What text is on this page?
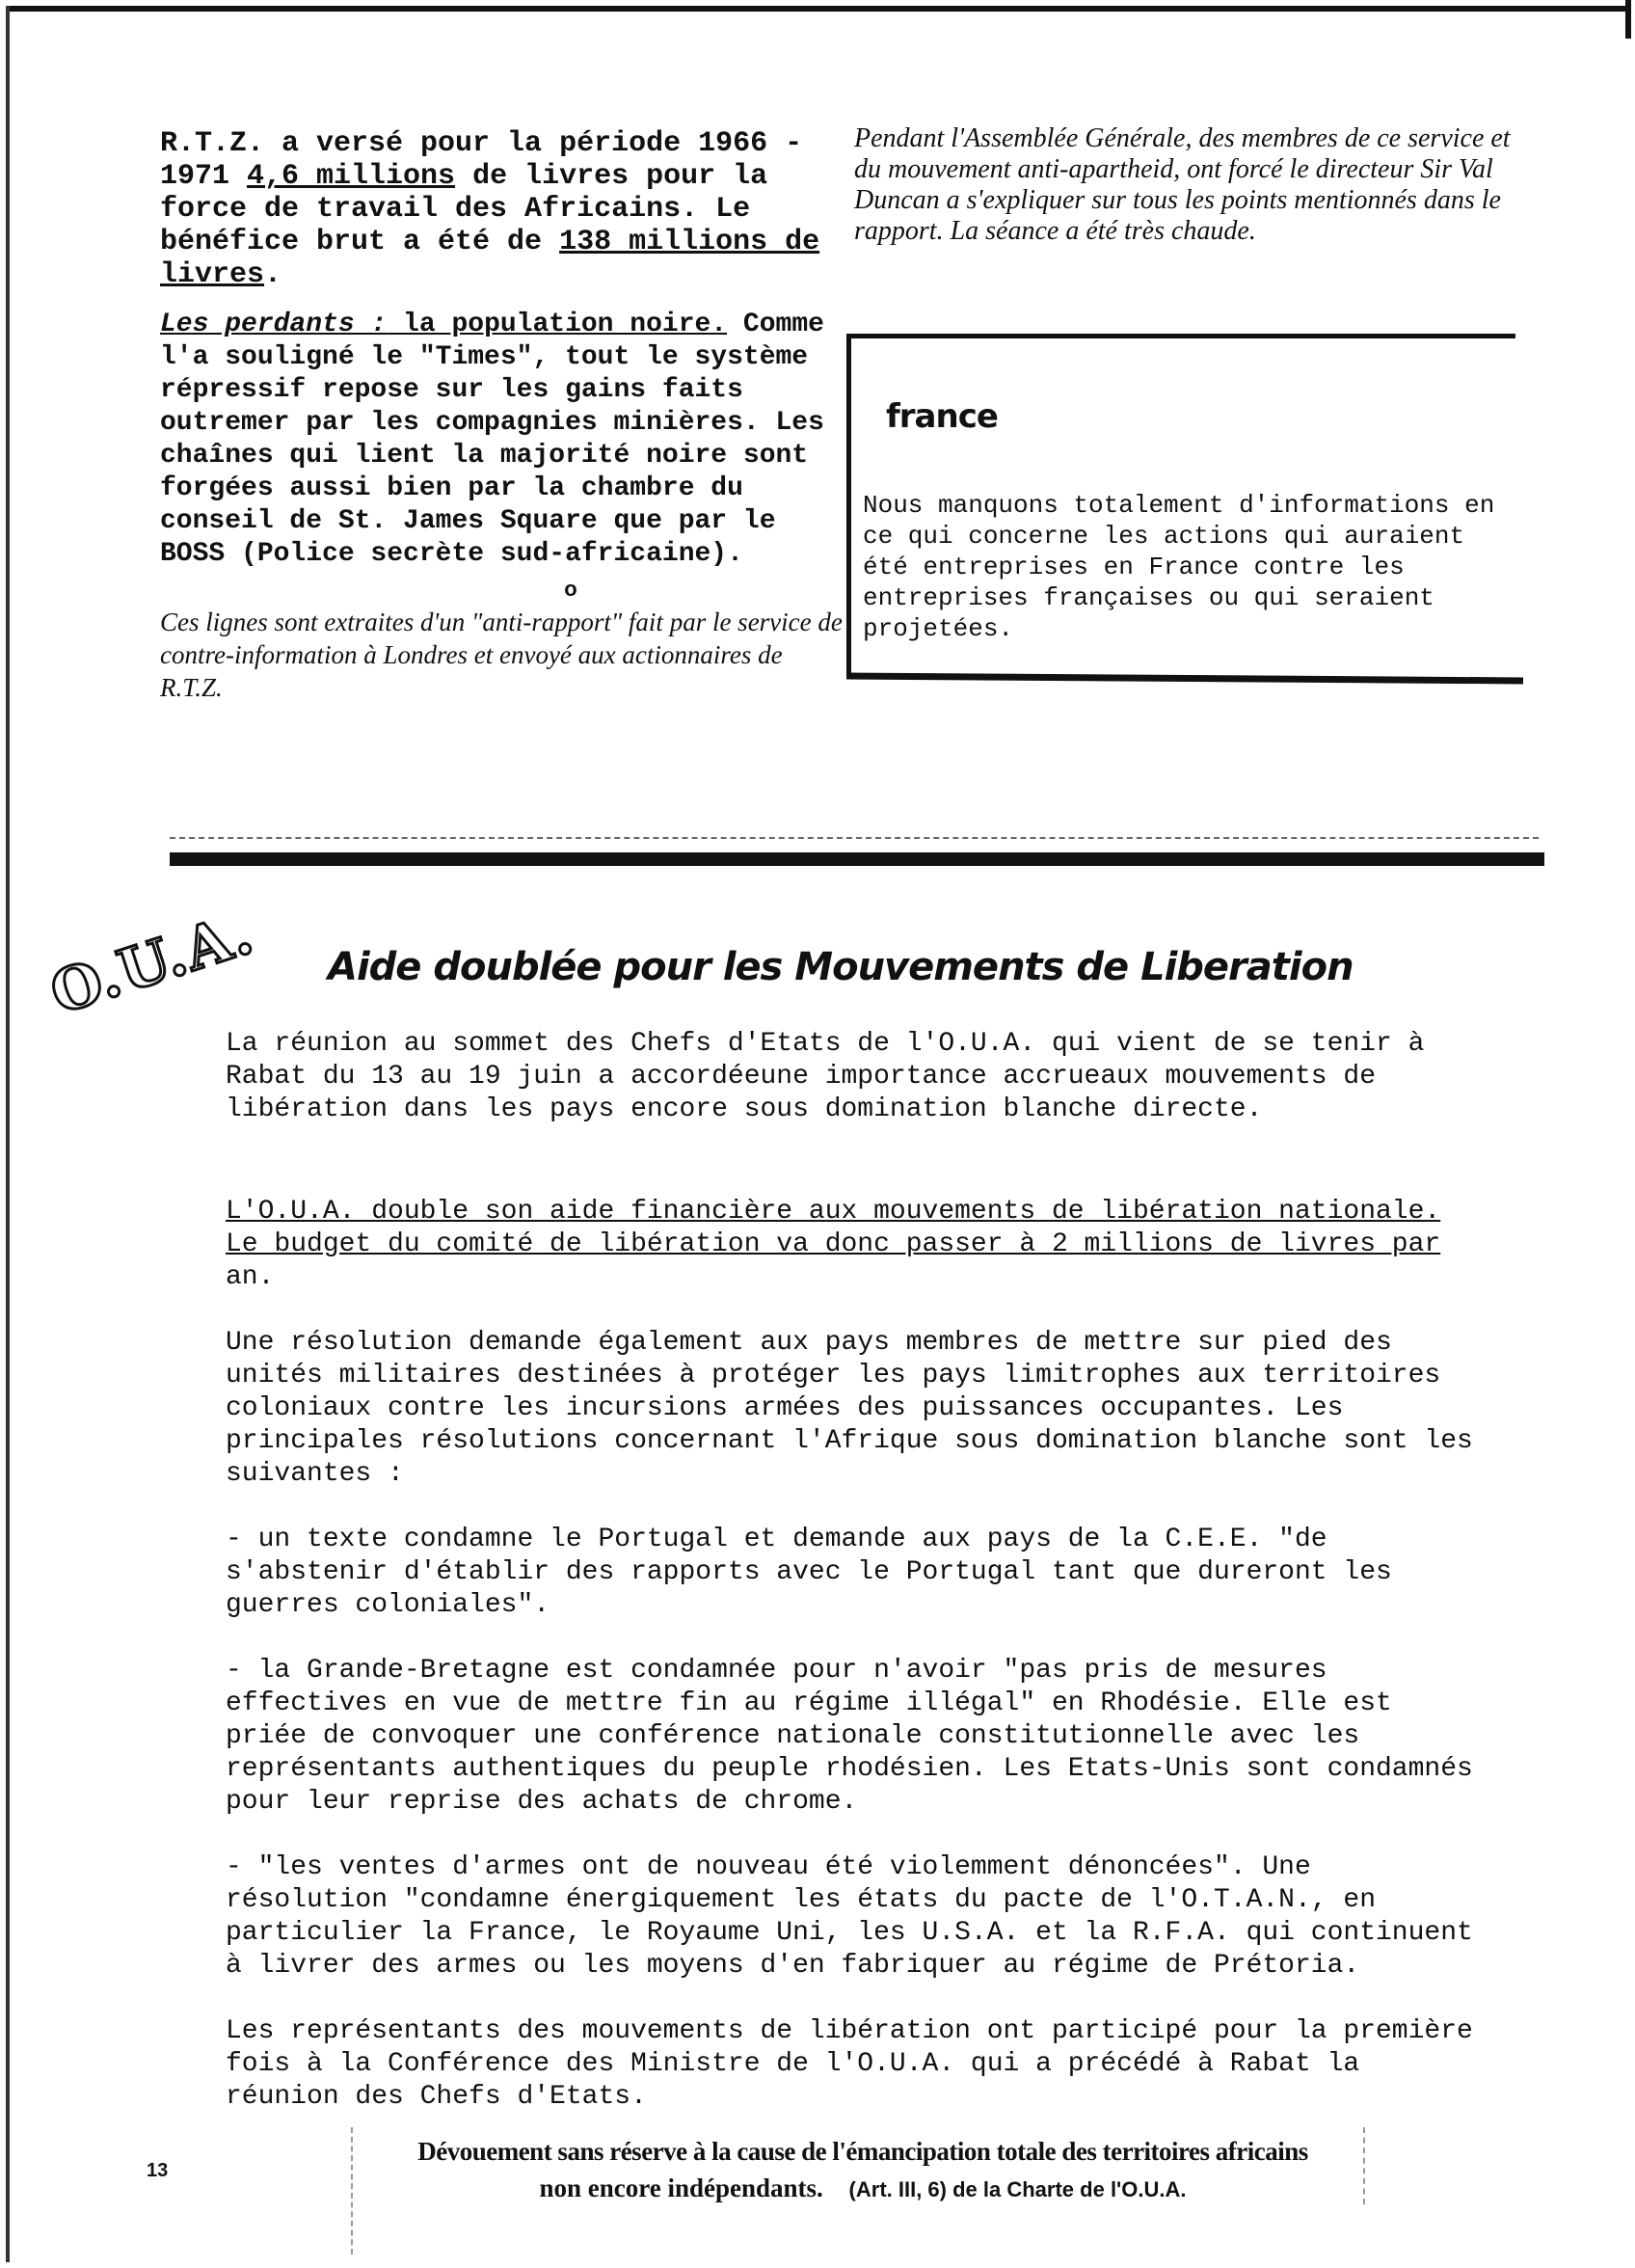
R.T.Z. a versé pour la période 1966 - 1971 4,6 millions de livres pour la force de travail des Africains. Le bénéfice brut a été de 138 millions de livres.

Les perdants : la population noire. Comme l'a souligné le "Times", tout le système répressif repose sur les gains faits outremer par les compagnies minières. Les chaînes qui lient la majorité noire sont forgées aussi bien par la chambre du conseil de St. James Square que par le BOSS (Police secrète sud-africaine).

o

Ces lignes sont extraites d'un "anti-rapport" fait par le service de contre-information à Londres et envoyé aux actionnaires de R.T.Z.

Pendant l'Assemblée Générale, des membres de ce service et du mouvement anti-apartheid, ont forcé le directeur Sir Val Duncan a s'expliquer sur tous les points mentionnés dans le rapport. La séance a été très chaude.

france

Nous manquons totalement d'informations en ce qui concerne les actions qui auraient été entreprises en France contre les entreprises françaises ou qui seraient projetées.

O.U.A. Aide doublée pour les Mouvements de Liberation

La réunion au sommet des Chefs d'Etats de l'O.U.A. qui vient de se tenir à Rabat du 13 au 19 juin a accordéeune importance accrueaux mouvements de libération dans les pays encore sous domination blanche directe.

L'O.U.A. double son aide financière aux mouvements de libération nationale. Le budget du comité de libération va donc passer à 2 millions de livres par an.

Une résolution demande également aux pays membres de mettre sur pied des unités militaires destinées à protéger les pays limitrophes aux territoires coloniaux contre les incursions armées des puissances occupantes. Les principales résolutions concernant l'Afrique sous domination blanche sont les suivantes :

- un texte condamne le Portugal et demande aux pays de la C.E.E. "de s'abstenir d'établir des rapports avec le Portugal tant que dureront les guerres coloniales".

- la Grande-Bretagne est condamnée pour n'avoir "pas pris de mesures effectives en vue de mettre fin au régime illégal" en Rhodésie. Elle est priée de convoquer une conférence nationale constitutionnelle avec les représentants authentiques du peuple rhodésien. Les Etats-Unis sont condamnés pour leur reprise des achats de chrome.

- "les ventes d'armes ont de nouveau été violemment dénoncées". Une résolution "condamne énergiquement les états du pacte de l'O.T.A.N., en particulier la France, le Royaume Uni, les U.S.A. et la R.F.A. qui continuent à livrer des armes ou les moyens d'en fabriquer au régime de Prétoria.

Les représentants des mouvements de libération ont participé pour la première fois à la Conférence des Ministre de l'O.U.A. qui a précédé à Rabat la réunion des Chefs d'Etats.

13

Dévouement sans réserve à la cause de l'émancipation totale des territoires africains

non encore indépendants. (Art. III, 6) de la Charte de l'O.U.A.
